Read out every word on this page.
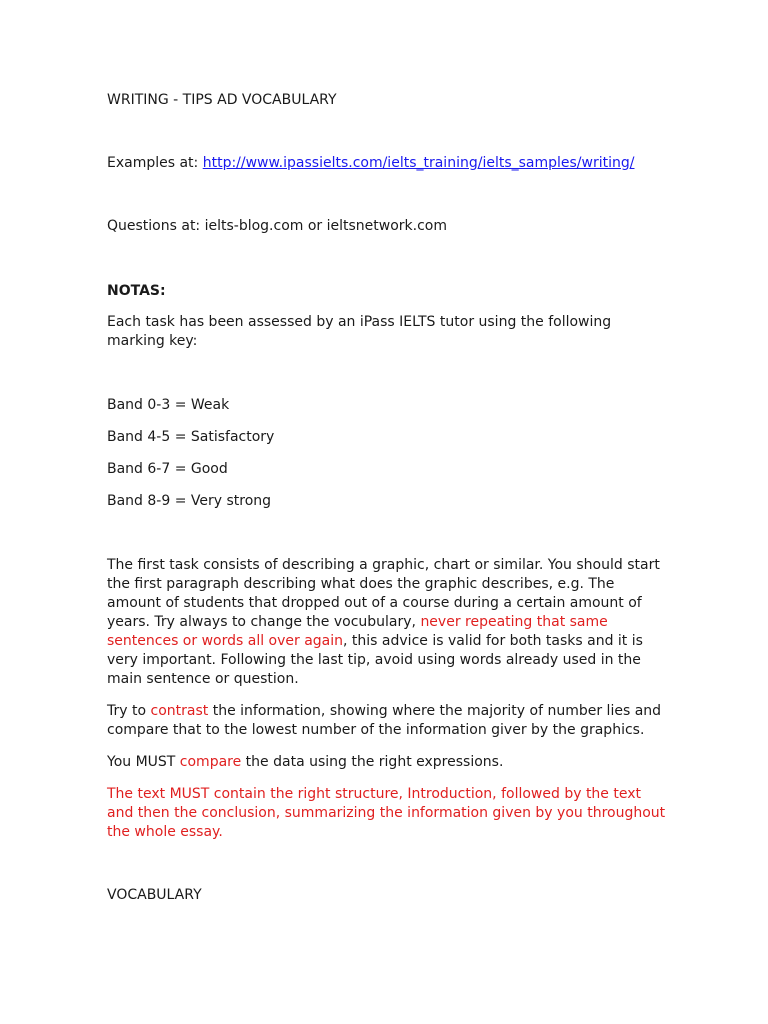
WRITING - TIPS AD VOCABULARY
Examples at: http://www.ipassielts.com/ielts_training/ielts_samples/writing/
Questions at: ielts-blog.com or ieltsnetwork.com
NOTAS:
Each task has been assessed by an iPass IELTS tutor using the following marking key:
Band 0-3 = Weak
Band 4-5 = Satisfactory
Band 6-7 = Good
Band 8-9 = Very strong
The first task consists of describing a graphic, chart or similar. You should start the first paragraph describing what does the graphic describes, e.g. The amount of students that dropped out of a course during a certain amount of years. Try always to change the vocubulary, never repeating that same sentences or words all over again, this advice is valid for both tasks and it is very important. Following the last tip, avoid using words already used in the main sentence or question.
Try to contrast the information, showing where the majority of number lies and compare that to the lowest number of the information giver by the graphics.
You MUST compare the data using the right expressions.
The text MUST contain the right structure, Introduction, followed by the text and then the conclusion, summarizing the information given by you throughout the whole essay.
VOCABULARY
